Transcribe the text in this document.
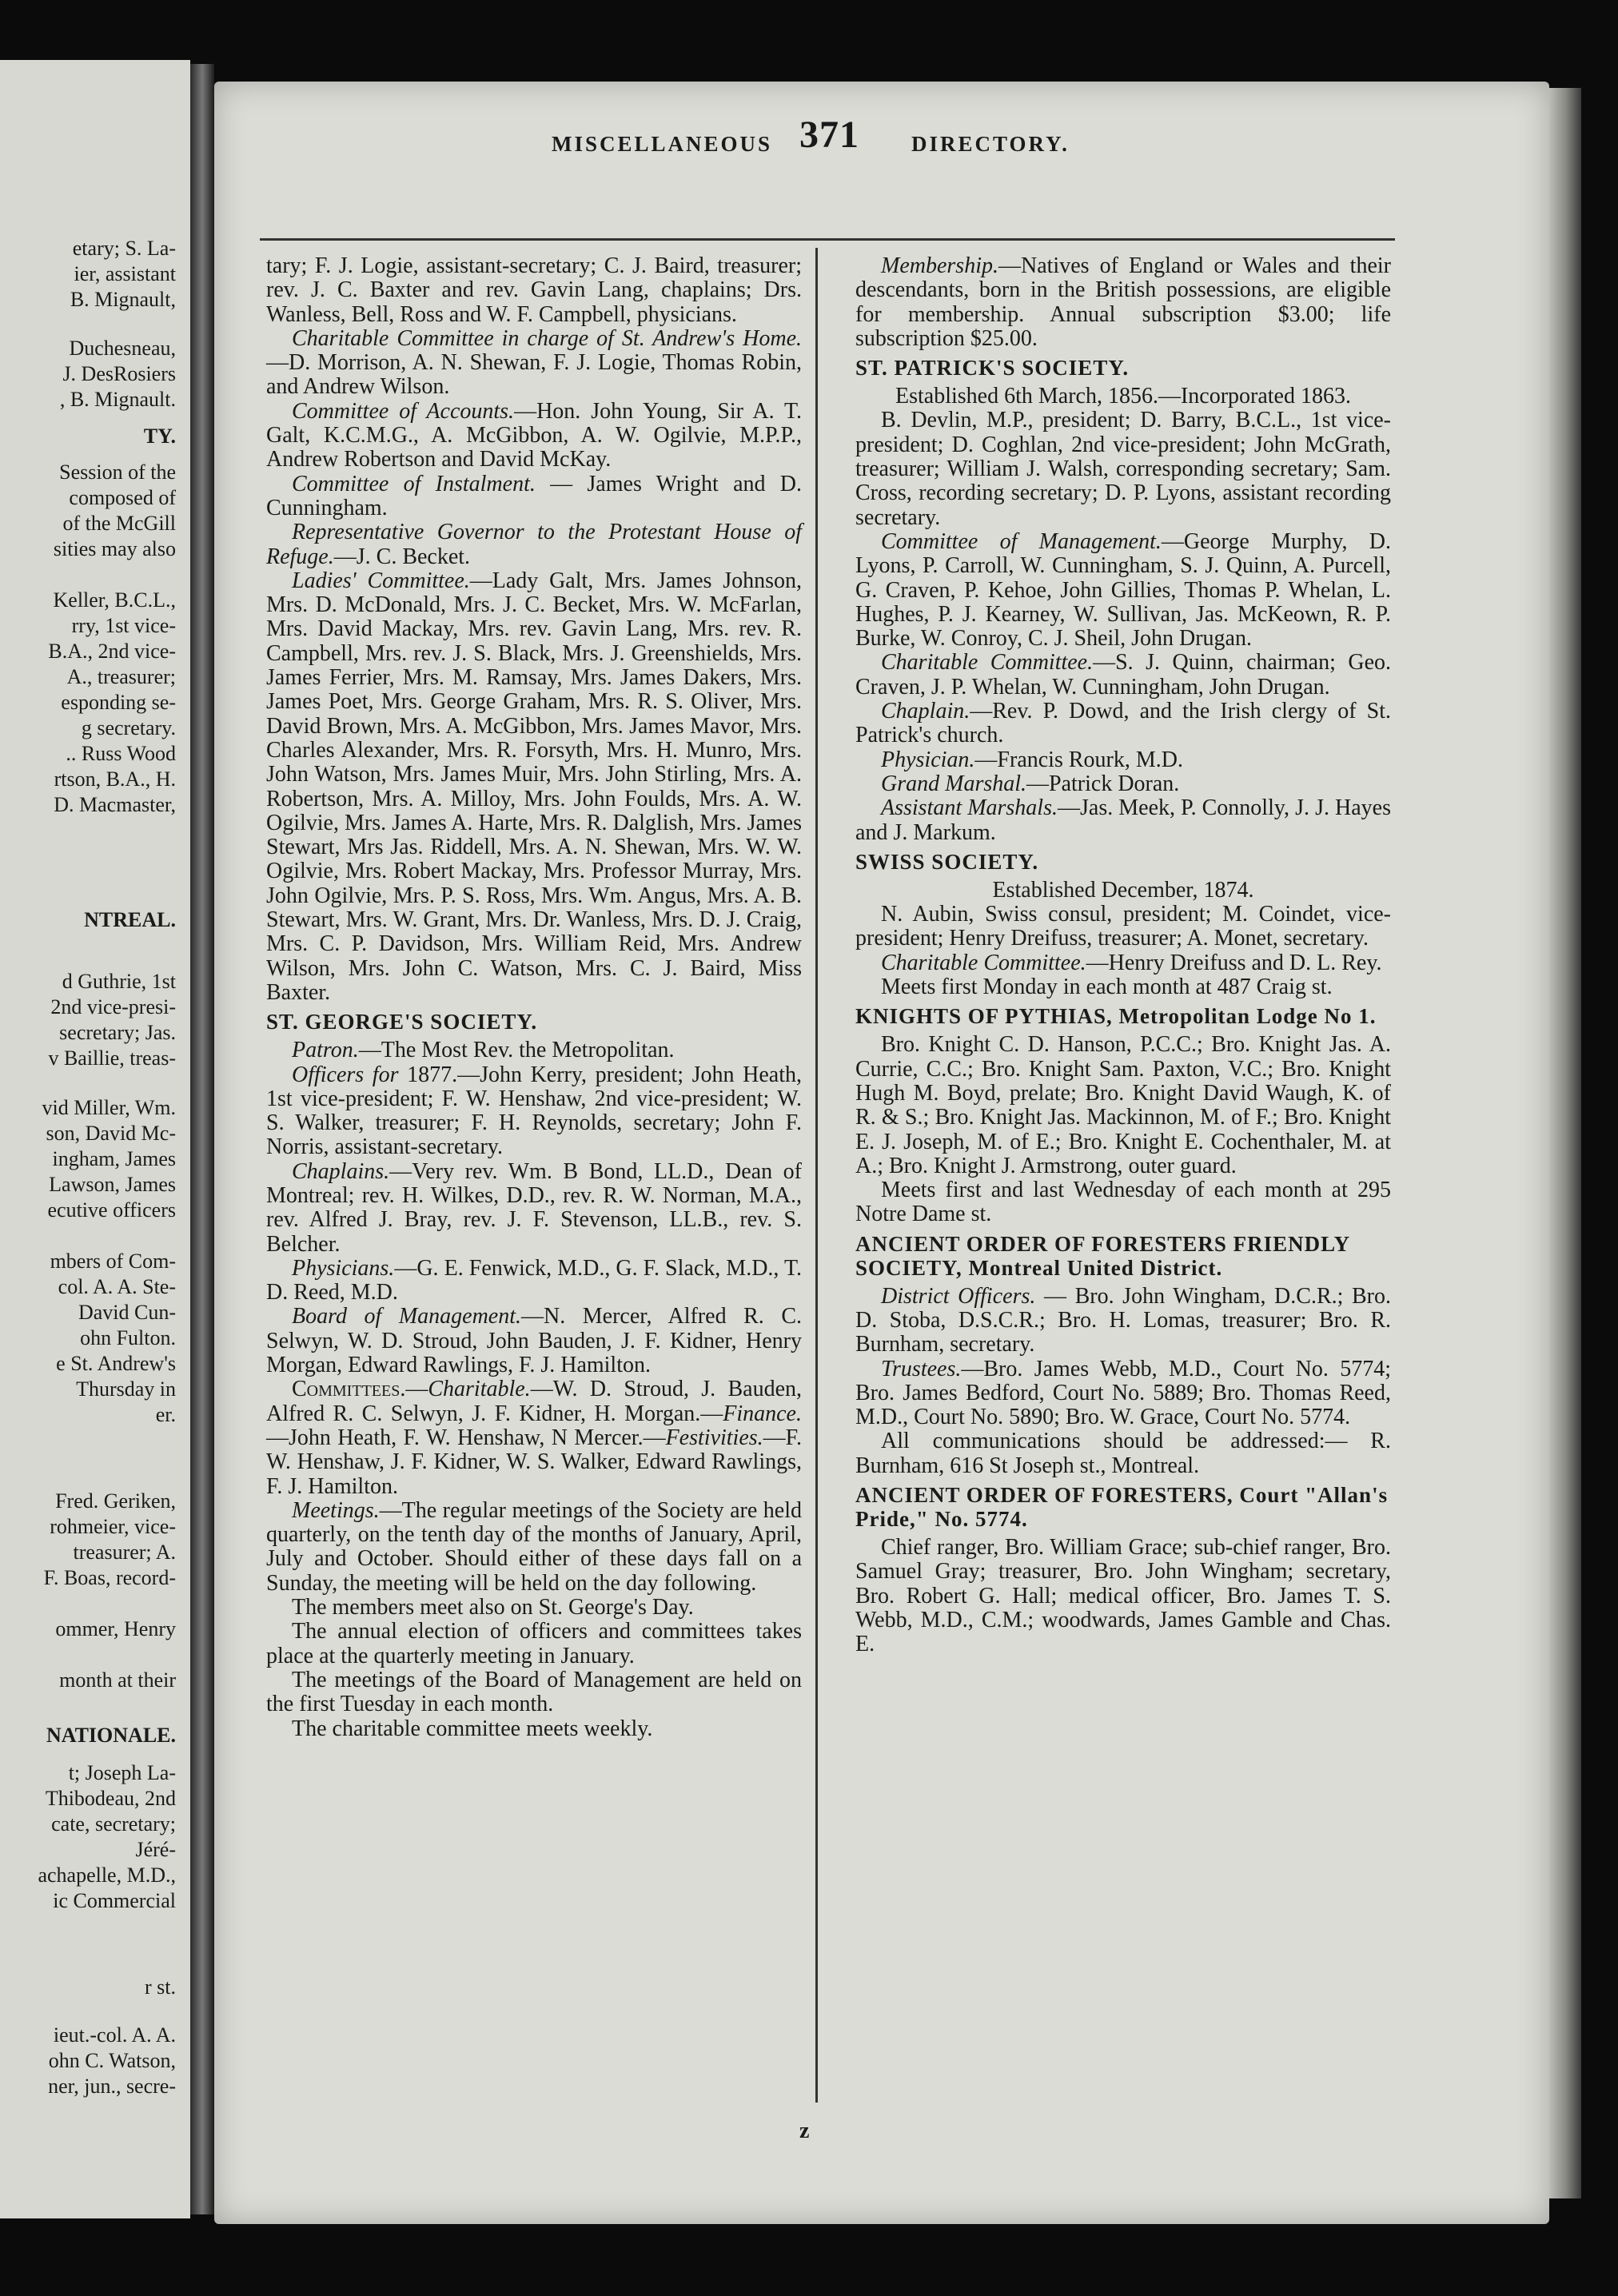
etary; S. La-
ier, assistant
B. Mignault,
Duchesneau,
J. DesRosiers
, B. Mignault.
TY.
Session of the
composed of
of the McGill
sities may also
Keller, B.C.L.,
rry, 1st vice-
B.A., 2nd vice-
A., treasurer;
esponding se-
g secretary.
.. Russ Wood
rtson, B.A., H.
D. Macmaster,
NTREAL.
d Guthrie, 1st
2nd vice-presi-
secretary; Jas.
v Baillie, treas-
vid Miller, Wm.
son, David Mc-
ingham, James
Lawson, James
ecutive officers
mbers of Com-
col. A. A. Ste-
David Cun-
ohn Fulton.
e St. Andrew's
Thursday in
er.
Fred. Geriken,
rohmeier, vice-
treasurer; A.
F. Boas, record-
ommer, Henry
month at their
NATIONALE.
t; Joseph La-
Thibodeau, 2nd
cate, secretary;
Jéré-
achapelle, M.D.,
ic Commercial
r st.
ieut.-col. A. A.
ohn C. Watson,
ner, jun., secre-
MISCELLANEOUS 371 DIRECTORY.

tary; F. J. Logie, assistant-secretary; C. J. Baird, treasurer; rev. J. C. Baxter and rev. Gavin Lang, chaplains; Drs. Wanless, Bell, Ross and W. F. Campbell, physicians.

Charitable Committee in charge of St. Andrew's Home.—D. Morrison, A. N. Shewan, F. J. Logie, Thomas Robin, and Andrew Wilson.

Committee of Accounts.—Hon. John Young, Sir A. T. Galt, K.C.M.G., A. McGibbon, A. W. Ogilvie, M.P.P., Andrew Robertson and David McKay.

Committee of Instalment. — James Wright and D. Cunningham.

Representative Governor to the Protestant House of Refuge.—J. C. Becket.

Ladies' Committee.—Lady Galt, Mrs. James Johnson, Mrs. D. McDonald, Mrs. J. C. Becket, Mrs. W. McFarlan, Mrs. David Mackay, Mrs. rev. Gavin Lang, Mrs. rev. R. Campbell, Mrs. rev. J. S. Black, Mrs. J. Greenshields, Mrs. James Ferrier, Mrs. M. Ramsay, Mrs. James Dakers, Mrs. James Poet, Mrs. George Graham, Mrs. R. S. Oliver, Mrs. David Brown, Mrs. A. McGibbon, Mrs. James Mavor, Mrs. Charles Alexander, Mrs. R. Forsyth, Mrs. H. Munro, Mrs. John Watson, Mrs. James Muir, Mrs. John Stirling, Mrs. A. Robertson, Mrs. A. Milloy, Mrs. John Foulds, Mrs. A. W. Ogilvie, Mrs. James A. Harte, Mrs. R. Dalglish, Mrs. James Stewart, Mrs Jas. Riddell, Mrs. A. N. Shewan, Mrs. W. W. Ogilvie, Mrs. Robert Mackay, Mrs. Professor Murray, Mrs. John Ogilvie, Mrs. P. S. Ross, Mrs. Wm. Angus, Mrs. A. B. Stewart, Mrs. W. Grant, Mrs. Dr. Wanless, Mrs. D. J. Craig, Mrs. C. P. Davidson, Mrs. William Reid, Mrs. Andrew Wilson, Mrs. John C. Watson, Mrs. C. J. Baird, Miss Baxter.

ST. GEORGE'S SOCIETY.

Patron.—The Most Rev. the Metropolitan.

Officers for 1877.—John Kerry, president; John Heath, 1st vice-president; F. W. Henshaw, 2nd vice-president; W. S. Walker, treasurer; F. H. Reynolds, secretary; John F. Norris, assistant-secretary.

Chaplains.—Very rev. Wm. B Bond, LL.D., Dean of Montreal; rev. H. Wilkes, D.D., rev. R. W. Norman, M.A., rev. Alfred J. Bray, rev. J. F. Stevenson, LL.B., rev. S. Belcher.

Physicians.—G. E. Fenwick, M.D., G. F. Slack, M.D., T. D. Reed, M.D.

Board of Management.—N. Mercer, Alfred R. C. Selwyn, W. D. Stroud, John Bauden, J. F. Kidner, Henry Morgan, Edward Rawlings, F. J. Hamilton.

Committees.—Charitable.—W. D. Stroud, J. Bauden, Alfred R. C. Selwyn, J. F. Kidner, H. Morgan.—Finance.—John Heath, F. W. Henshaw, N Mercer.—Festivities.—F. W. Henshaw, J. F. Kidner, W. S. Walker, Edward Rawlings, F. J. Hamilton.

Meetings.—The regular meetings of the Society are held quarterly, on the tenth day of the months of January, April, July and October. Should either of these days fall on a Sunday, the meeting will be held on the day following.

The members meet also on St. George's Day.

The annual election of officers and committees takes place at the quarterly meeting in January.

The meetings of the Board of Management are held on the first Tuesday in each month.

The charitable committee meets weekly.

Membership.—Natives of England or Wales and their descendants, born in the British possessions, are eligible for membership. Annual subscription $3.00; life subscription $25.00.

ST. PATRICK'S SOCIETY.

Established 6th March, 1856.—Incorporated 1863.

B. Devlin, M.P., president; D. Barry, B.C.L., 1st vice-president; D. Coghlan, 2nd vice-president; John McGrath, treasurer; William J. Walsh, corresponding secretary; Sam. Cross, recording secretary; D. P. Lyons, assistant recording secretary.

Committee of Management.—George Murphy, D. Lyons, P. Carroll, W. Cunningham, S. J. Quinn, A. Purcell, G. Craven, P. Kehoe, John Gillies, Thomas P. Whelan, L. Hughes, P. J. Kearney, W. Sullivan, Jas. McKeown, R. P. Burke, W. Conroy, C. J. Sheil, John Drugan.

Charitable Committee.—S. J. Quinn, chairman; Geo. Craven, J. P. Whelan, W. Cunningham, John Drugan.

Chaplain.—Rev. P. Dowd, and the Irish clergy of St. Patrick's church.

Physician.—Francis Rourk, M.D.

Grand Marshal.—Patrick Doran.

Assistant Marshals.—Jas. Meek, P. Connolly, J. J. Hayes and J. Markum.

SWISS SOCIETY.

Established December, 1874.

N. Aubin, Swiss consul, president; M. Coindet, vice-president; Henry Dreifuss, treasurer; A. Monet, secretary.

Charitable Committee.—Henry Dreifuss and D. L. Rey.

Meets first Monday in each month at 487 Craig st.

KNIGHTS OF PYTHIAS, Metropolitan Lodge No 1.

Bro. Knight C. D. Hanson, P.C.C.; Bro. Knight Jas. A. Currie, C.C.; Bro. Knight Sam. Paxton, V.C.; Bro. Knight Hugh M. Boyd, prelate; Bro. Knight David Waugh, K. of R. & S.; Bro. Knight Jas. Mackinnon, M. of F.; Bro. Knight E. J. Joseph, M. of E.; Bro. Knight E. Cochenthaler, M. at A.; Bro. Knight J. Armstrong, outer guard.

Meets first and last Wednesday of each month at 295 Notre Dame st.

ANCIENT ORDER OF FORESTERS FRIENDLY SOCIETY, Montreal United District.

District Officers. — Bro. John Wingham, D.C.R.; Bro. D. Stoba, D.S.C.R.; Bro. H. Lomas, treasurer; Bro. R. Burnham, secretary.

Trustees.—Bro. James Webb, M.D., Court No. 5774; Bro. James Bedford, Court No. 5889; Bro. Thomas Reed, M.D., Court No. 5890; Bro. W. Grace, Court No. 5774.

All communications should be addressed:— R. Burnham, 616 St Joseph st., Montreal.

ANCIENT ORDER OF FORESTERS, Court "Allan's Pride," No. 5774.

Chief ranger, Bro. William Grace; sub-chief ranger, Bro. Samuel Gray; treasurer, Bro. John Wingham; secretary, Bro. Robert G. Hall; medical officer, Bro. James T. S. Webb, M.D., C.M.; woodwards, James Gamble and Chas. E.

z
